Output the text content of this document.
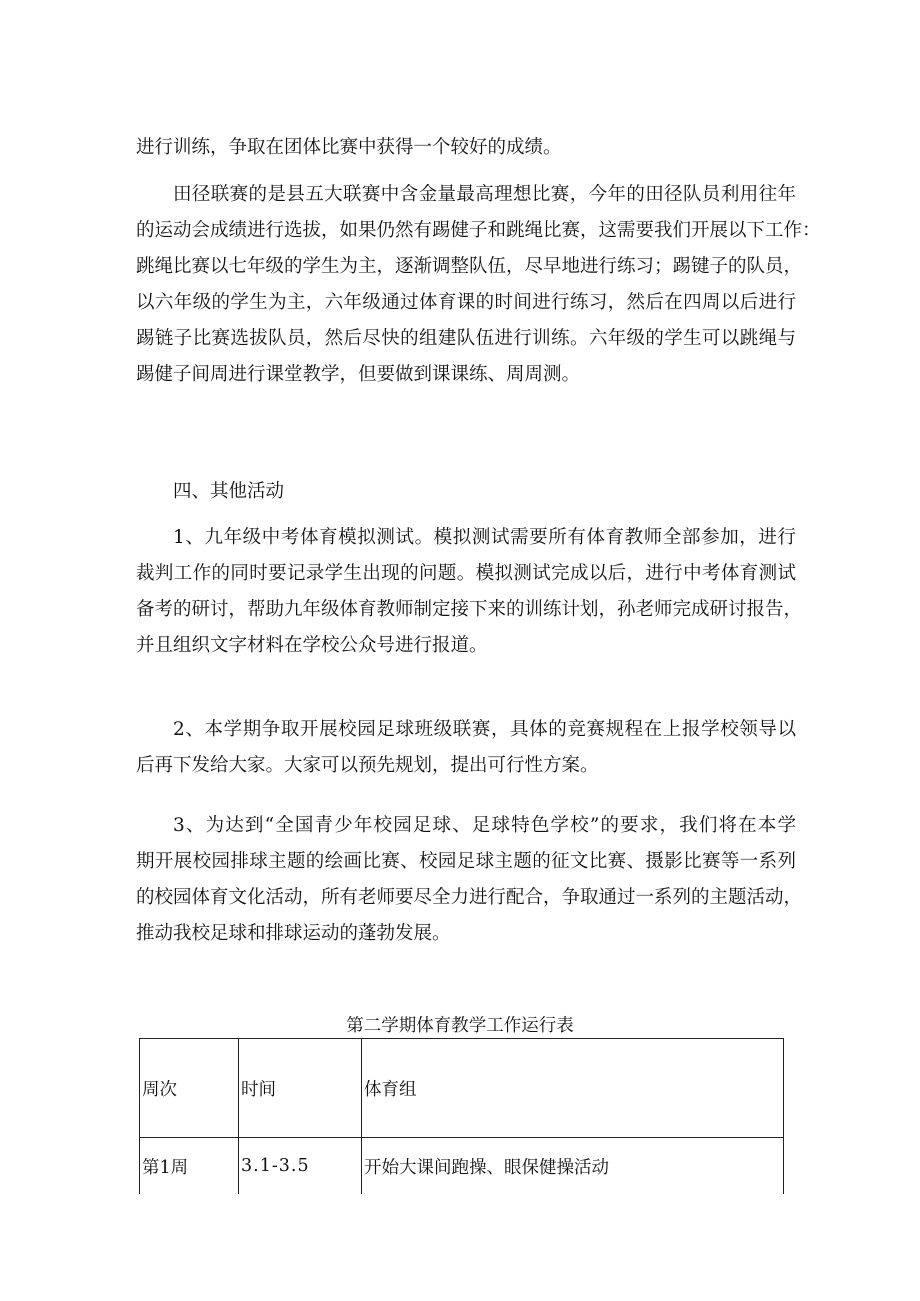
进行训练，争取在团体比赛中获得一个较好的成绩。
田径联赛的是县五大联赛中含金量最高理想比赛，今年的田径队员利用往年
的运动会成绩进行选拔，如果仍然有踢健子和跳绳比赛，这需要我们开展以下工作：
跳绳比赛以七年级的学生为主，逐渐调整队伍，尽早地进行练习；踢键子的队员，
以六年级的学生为主，六年级通过体育课的时间进行练习，然后在四周以后进行
踢链子比赛选拔队员，然后尽快的组建队伍进行训练。六年级的学生可以跳绳与
踢健子间周进行课堂教学，但要做到课课练、周周测。
四、其他活动
1、九年级中考体育模拟测试。模拟测试需要所有体育教师全部参加，进行
裁判工作的同时要记录学生出现的问题。模拟测试完成以后，进行中考体育测试
备考的研讨，帮助九年级体育教师制定接下来的训练计划，孙老师完成研讨报告，
并且组织文字材料在学校公众号进行报道。
2、本学期争取开展校园足球班级联赛，具体的竞赛规程在上报学校领导以
后再下发给大家。大家可以预先规划，提出可行性方案。
3、为达到“全国青少年校园足球、足球特色学校”的要求，我们将在本学
期开展校园排球主题的绘画比赛、校园足球主题的征文比赛、摄影比赛等一系列
的校园体育文化活动，所有老师要尽全力进行配合，争取通过一系列的主题活动，
推动我校足球和排球运动的蓬勃发展。

第二学期体育教学工作运行表

周次	时间	体育组
第1周	3.1-3.5	开始大课间跑操、眼保健操活动
